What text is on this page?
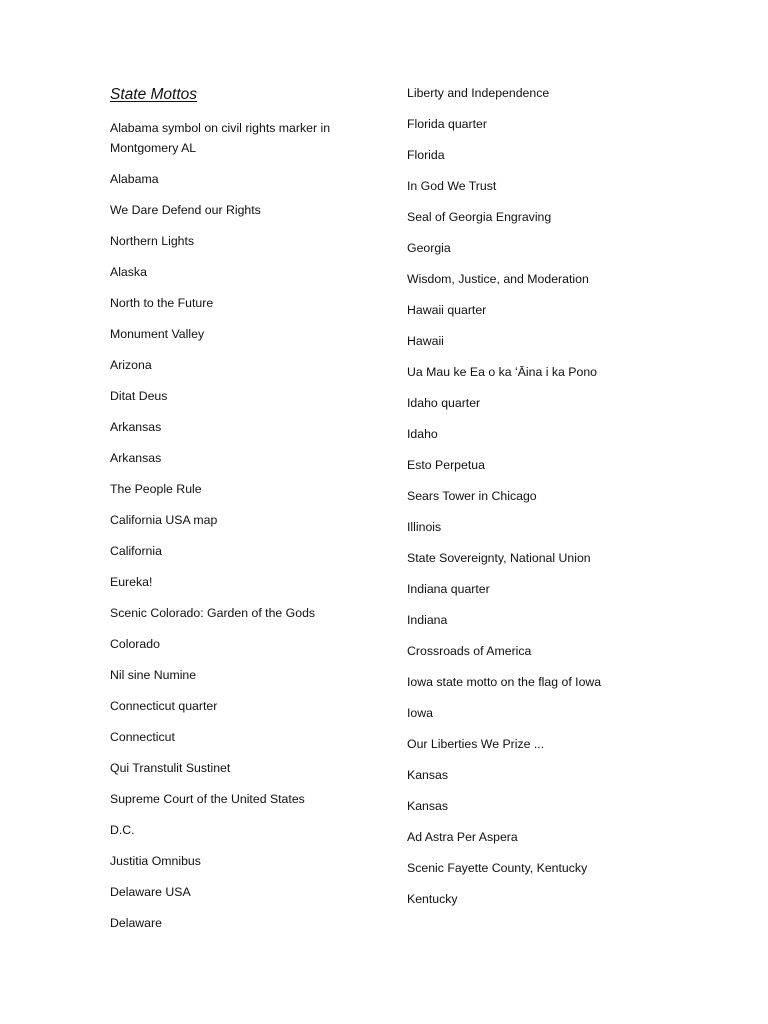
State Mottos
Alabama symbol on civil rights marker in Montgomery AL
Alabama
We Dare Defend our Rights
Northern Lights
Alaska
North to the Future
Monument Valley
Arizona
Ditat Deus
Arkansas
Arkansas
The People Rule
California USA map
California
Eureka!
Scenic Colorado: Garden of the Gods
Colorado
Nil sine Numine
Connecticut quarter
Connecticut
Qui Transtulit Sustinet
Supreme Court of the United States
D.C.
Justitia Omnibus
Delaware USA
Delaware
Liberty and Independence
Florida quarter
Florida
In God We Trust
Seal of Georgia Engraving
Georgia
Wisdom, Justice, and Moderation
Hawaii quarter
Hawaii
Ua Mau ke Ea o ka ʻĀina i ka Pono
Idaho quarter
Idaho
Esto Perpetua
Sears Tower in Chicago
Illinois
State Sovereignty, National Union
Indiana quarter
Indiana
Crossroads of America
Iowa state motto on the flag of Iowa
Iowa
Our Liberties We Prize ...
Kansas
Kansas
Ad Astra Per Aspera
Scenic Fayette County, Kentucky
Kentucky
